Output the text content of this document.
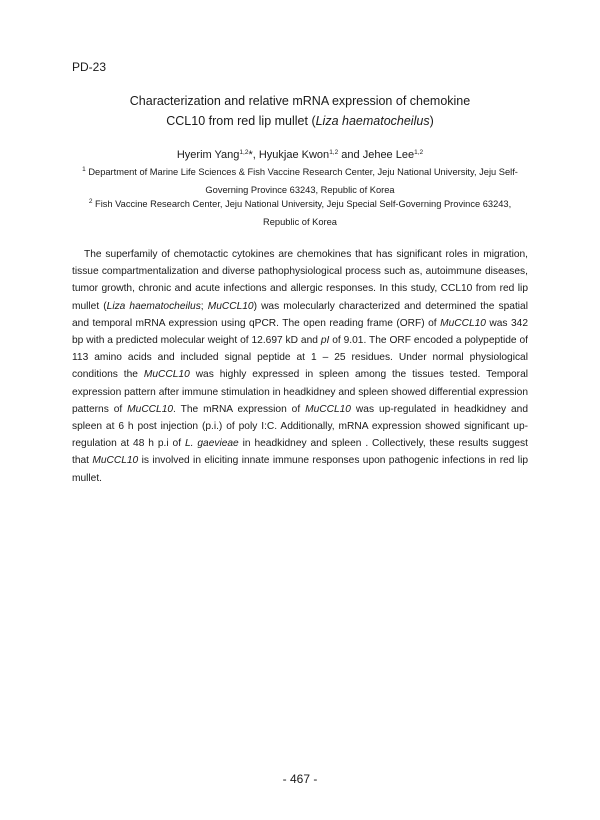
PD-23
Characterization and relative mRNA expression of chemokine
CCL10 from red lip mullet (Liza haematocheilus)
Hyerim Yang$^{1,2}$*, Hyukjae Kwon$^{1,2}$ and Jehee Lee$^{1,2}$
$^1$ Department of Marine Life Sciences & Fish Vaccine Research Center, Jeju National University, Jeju Self-Governing Province 63243, Republic of Korea
$^2$ Fish Vaccine Research Center, Jeju National University, Jeju Special Self-Governing Province 63243, Republic of Korea

The superfamily of chemotactic cytokines are chemokines that has significant roles in migration, tissue compartmentalization and diverse pathophysiological process such as, autoimmune diseases, tumor growth, chronic and acute infections and allergic responses. In this study, CCL10 from red lip mullet (Liza haematocheilus; MuCCL10) was molecularly characterized and determined the spatial and temporal mRNA expression using qPCR. The open reading frame (ORF) of MuCCL10 was 342 bp with a predicted molecular weight of 12.697 kD and pI of 9.01. The ORF encoded a polypeptide of 113 amino acids and included signal peptide at 1 – 25 residues. Under normal physiological conditions the MuCCL10 was highly expressed in spleen among the tissues tested. Temporal expression pattern after immune stimulation in headkidney and spleen showed differential expression patterns of MuCCL10. The mRNA expression of MuCCL10 was up-regulated in headkidney and spleen at 6 h post injection (p.i.) of poly I:C. Additionally, mRNA expression showed significant up-regulation at 48 h p.i of L. gaevieae in headkidney and spleen . Collectively, these results suggest that MuCCL10 is involved in eliciting innate immune responses upon pathogenic infections in red lip mullet.

- 467 -
